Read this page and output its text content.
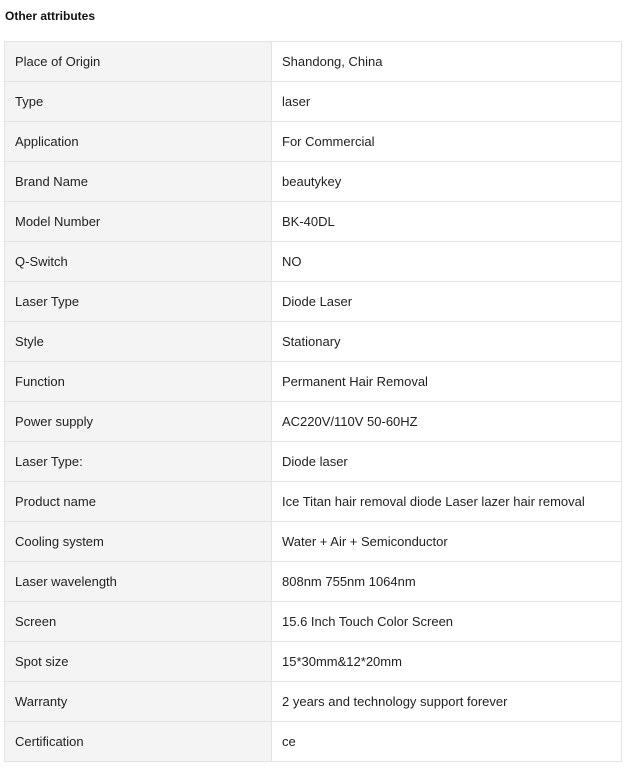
Other attributes
Place of Origin	Shandong, China
Type	laser
Application	For Commercial
Brand Name	beautykey
Model Number	BK-40DL
Q-Switch	NO
Laser Type	Diode Laser
Style	Stationary
Function	Permanent Hair Removal
Power supply	AC220V/110V 50-60HZ
Laser Type:	Diode laser
Product name	Ice Titan hair removal diode Laser lazer hair removal
Cooling system	Water + Air + Semiconductor
Laser wavelength	808nm 755nm 1064nm
Screen	15.6 Inch Touch Color Screen
Spot size	15*30mm&12*20mm
Warranty	2 years and technology support forever
Certification	ce
